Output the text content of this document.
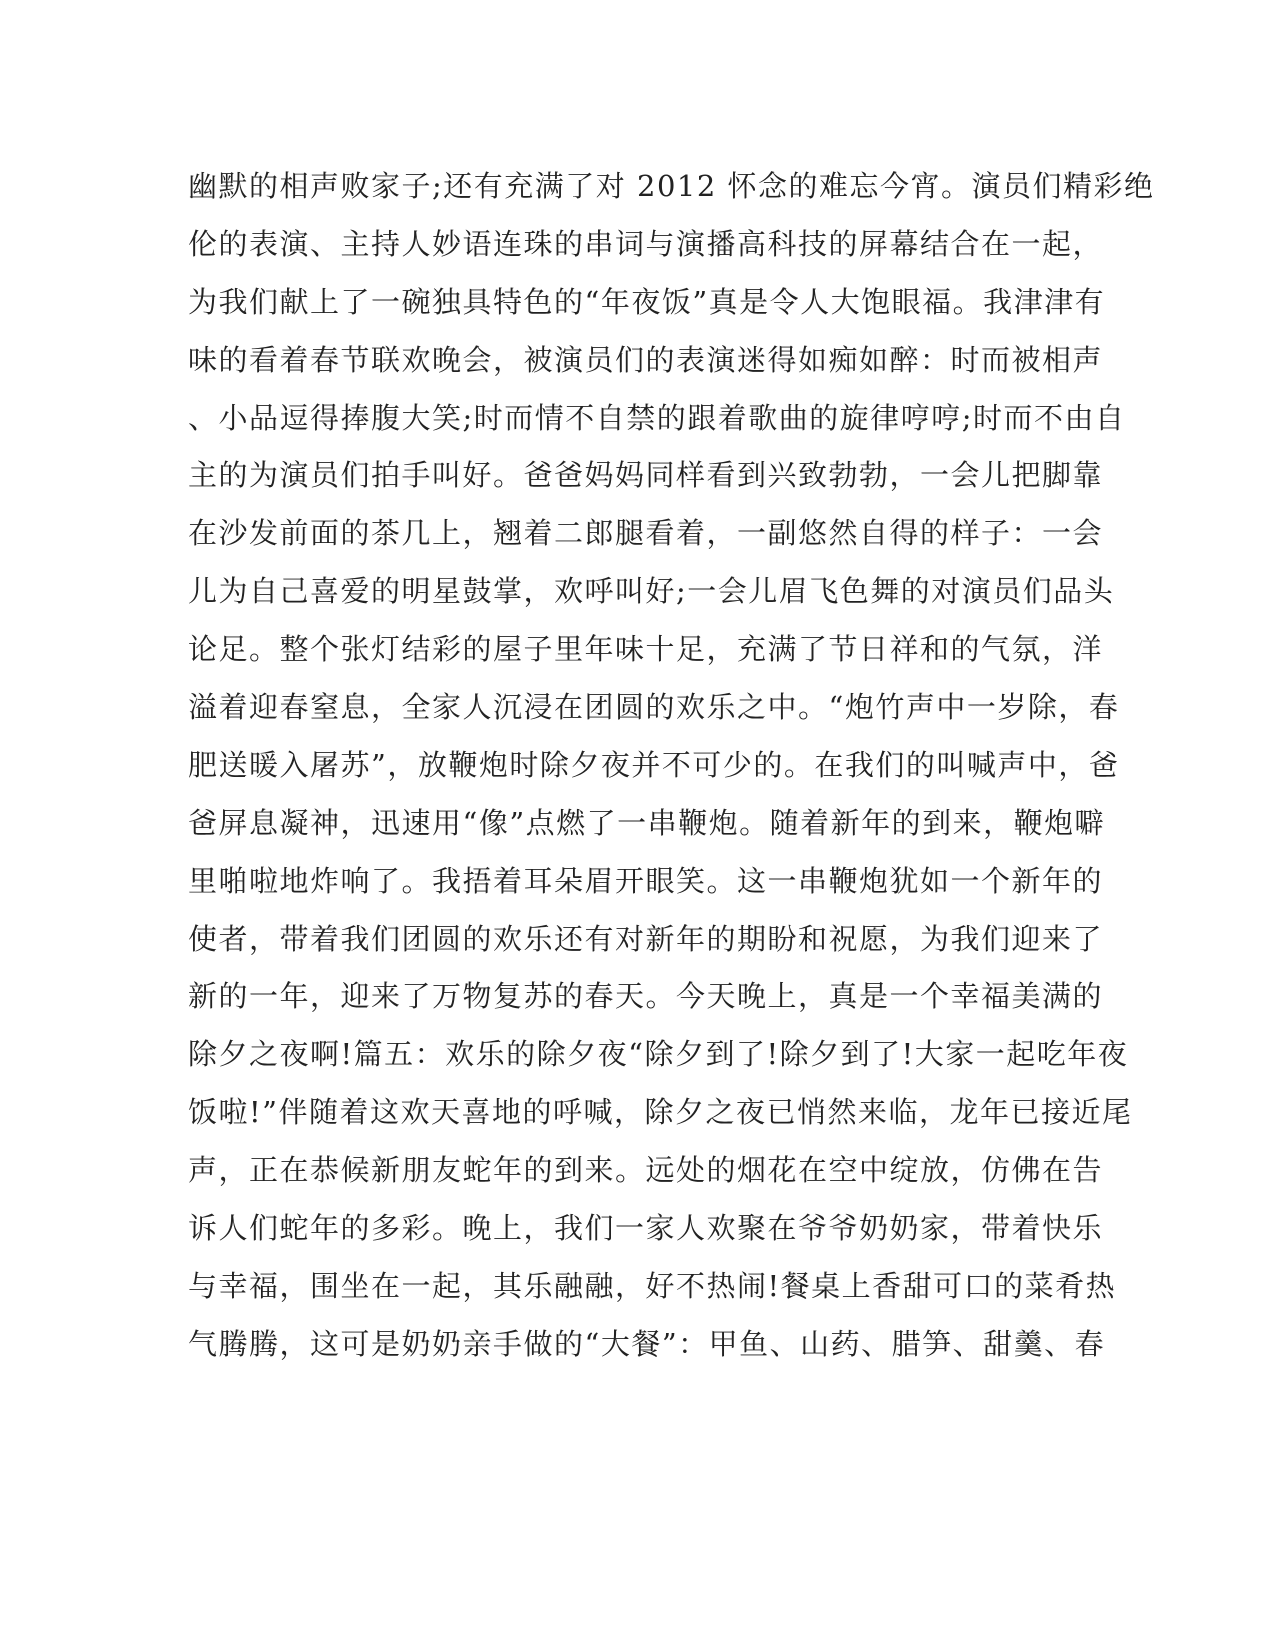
幽默的相声败家子;还有充满了对 2012 怀念的难忘今宵。演员们精彩绝
伦的表演、主持人妙语连珠的串词与演播高科技的屏幕结合在一起，
为我们献上了一碗独具特色的“年夜饭”真是令人大饱眼福。我津津有
味的看着春节联欢晚会，被演员们的表演迷得如痴如醉：时而被相声
、小品逗得捧腹大笑;时而情不自禁的跟着歌曲的旋律哼哼;时而不由自
主的为演员们拍手叫好。爸爸妈妈同样看到兴致勃勃，一会儿把脚靠
在沙发前面的茶几上，翘着二郎腿看着，一副悠然自得的样子：一会
儿为自己喜爱的明星鼓掌，欢呼叫好;一会儿眉飞色舞的对演员们品头
论足。整个张灯结彩的屋子里年味十足，充满了节日祥和的气氛，洋
溢着迎春窒息，全家人沉浸在团圆的欢乐之中。“炮竹声中一岁除，春
肥送暖入屠苏”，放鞭炮时除夕夜并不可少的。在我们的叫喊声中，爸
爸屏息凝神，迅速用“像”点燃了一串鞭炮。随着新年的到来，鞭炮噼
里啪啦地炸响了。我捂着耳朵眉开眼笑。这一串鞭炮犹如一个新年的
使者，带着我们团圆的欢乐还有对新年的期盼和祝愿，为我们迎来了
新的一年，迎来了万物复苏的春天。今天晚上，真是一个幸福美满的
除夕之夜啊!篇五：欢乐的除夕夜“除夕到了!除夕到了!大家一起吃年夜
饭啦!”伴随着这欢天喜地的呼喊，除夕之夜已悄然来临，龙年已接近尾
声，正在恭候新朋友蛇年的到来。远处的烟花在空中绽放，仿佛在告
诉人们蛇年的多彩。晚上，我们一家人欢聚在爷爷奶奶家，带着快乐
与幸福，围坐在一起，其乐融融，好不热闹!餐桌上香甜可口的菜肴热
气腾腾，这可是奶奶亲手做的“大餐”：甲鱼、山药、腊笋、甜羹、春
